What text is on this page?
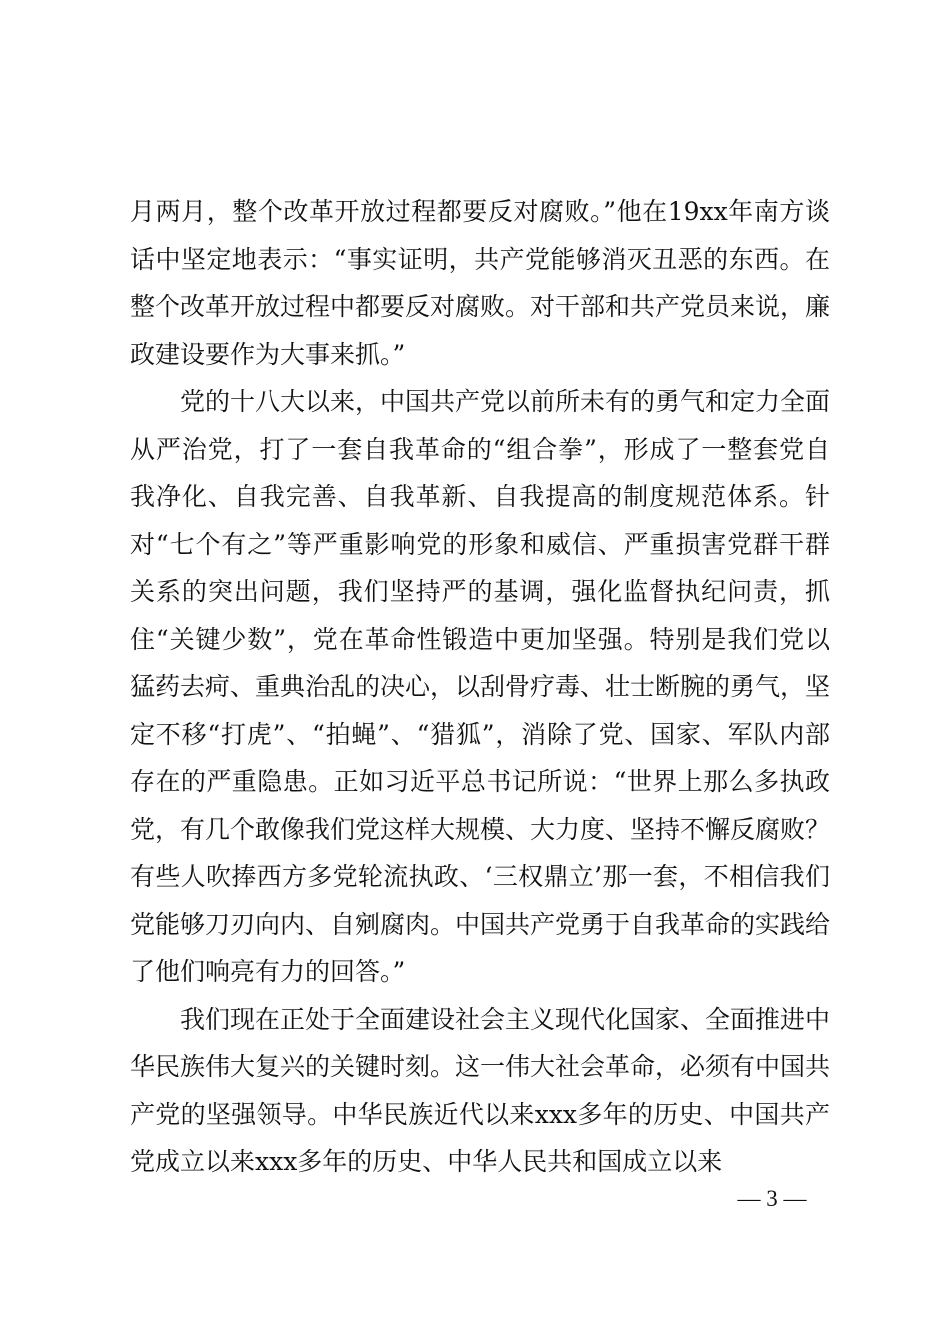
月两月，整个改革开放过程都要反对腐败。”他在19xx年南方谈话中坚定地表示：“事实证明，共产党能够消灭丑恶的东西。在整个改革开放过程中都要反对腐败。对干部和共产党员来说，廉政建设要作为大事来抓。”

党的十八大以来，中国共产党以前所未有的勇气和定力全面从严治党，打了一套自我革命的“组合拳”，形成了一整套党自我净化、自我完善、自我革新、自我提高的制度规范体系。针对“七个有之”等严重影响党的形象和威信、严重损害党群干群关系的突出问题，我们坚持严的基调，强化监督执纪问责，抓住“关键少数”，党在革命性锻造中更加坚强。特别是我们党以猛药去疴、重典治乱的决心，以刮骨疗毒、壮士断腕的勇气，坚定不移“打虎”、“拍蝇”、“猎狐”，消除了党、国家、军队内部存在的严重隐患。正如习近平总书记所说：“世界上那么多执政党，有几个敢像我们党这样大规模、大力度、坚持不懈反腐败？有些人吹捧西方多党轮流执政、‘三权鼎立’那一套，不相信我们党能够刀刃向内、自剜腐肉。中国共产党勇于自我革命的实践给了他们响亮有力的回答。”

我们现在正处于全面建设社会主义现代化国家、全面推进中华民族伟大复兴的关键时刻。这一伟大社会革命，必须有中国共产党的坚强领导。中华民族近代以来xxx多年的历史、中国共产党成立以来xxx多年的历史、中华人民共和国成立以来

— 3 —
